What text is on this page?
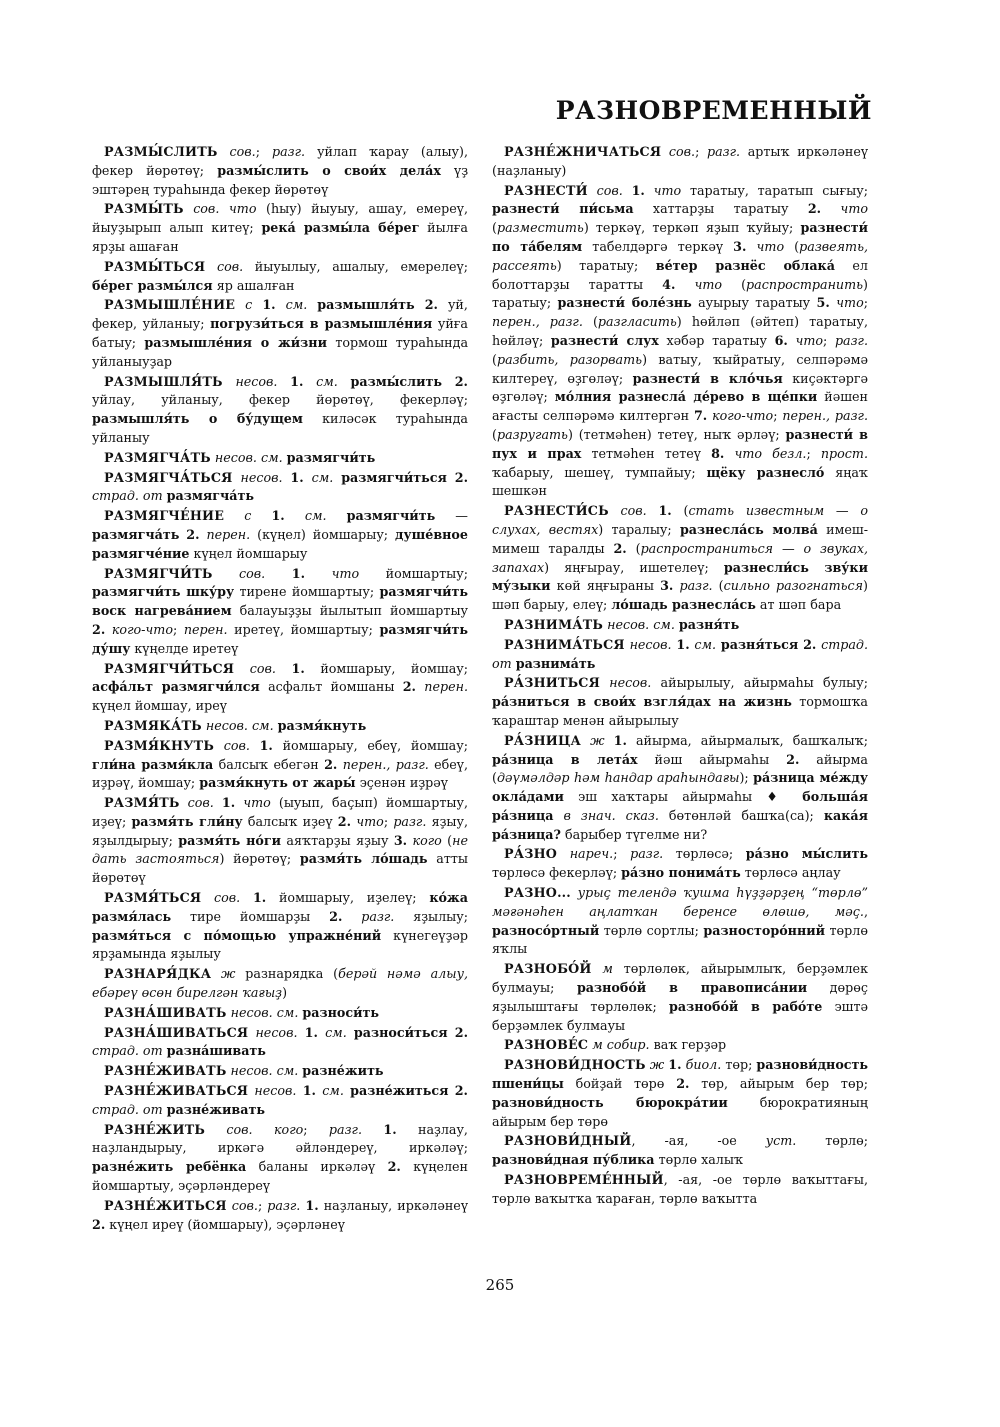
РАЗНОВРЕМЕННЫЙ

РАЗМЫ́СЛИТЬ сов.; разг. уйлап ҡарау (алыу), фекер йөрөтөү; размы́слить о свои́х дела́х үҙ эштәрең тураһында фекер йөрөтөү

РАЗМЫ́ТЬ сов. что (һыу) йыуыу, ашау, емереү, йыуҙырып алып китеү; река́ размы́ла бе́рег йылға ярҙы ашаған

РАЗМЫ́ТЬСЯ сов. йыуылыу, ашалыу, емерелеү; бе́рег размы́лся яр ашалған

РАЗМЫШЛЕ́НИЕ с 1. см. размышля́ть 2. уй, фекер, уйланыу; погрузи́ться в размышле́ния уйға батыу; размышле́ния о жи́зни тормош тураһында уйланыуҙар

РАЗМЫШЛЯ́ТЬ несов. 1. см. размы́слить 2. уйлау, уйланыу, фекер йөрөтөү, фекерләү; размышля́ть о бу́дущем киләсәк тураһында уйланыу

РАЗМЯГЧА́ТЬ несов. см. размягчи́ть

РАЗМЯГЧА́ТЬСЯ несов. 1. см. размягчи́ться 2. страд. от размягча́ть

РАЗМЯГЧЕ́НИЕ с 1. см. размягчи́ть — размягча́ть 2. перен. (күңел) йомшарыу; душе́вное размягче́ние күңел йомшарыу

РАЗМЯГЧИ́ТЬ сов. 1. что йомшартыу; размягчи́ть шку́ру тирене йомшартыу; размягчи́ть воск нагрева́нием балауыҙҙы йылытып йомшартыу 2. кого-что; перен. иретеү, йомшартыу; размягчи́ть ду́шу күңелде иретеү

РАЗМЯГЧИ́ТЬСЯ сов. 1. йомшарыу, йомшау; асфа́льт размягчи́лся асфальт йомшаны 2. перен. күңел йомшау, иреү

РАЗМЯКА́ТЬ несов. см. размя́кнуть

РАЗМЯ́КНУТЬ сов. 1. йомшарыу, ебеү, йомшау; гли́на размя́кла балсыҡ ебегән 2. перен., разг. ебеү, иҙрәү, йомшау; размя́кнуть от жары́ эҫенән иҙрәү

РАЗМЯ́ТЬ сов. 1. что (ыуып, баҫып) йомшартыу, иҙеү; размя́ть гли́ну балсыҡ иҙеү 2. что; разг. яҙыу, яҙылдырыу; размя́ть но́ги аяҡтарҙы яҙыу 3. кого (не дать застояться) йөрөтөү; размя́ть ло́шадь атты йөрөтөү

РАЗМЯ́ТЬСЯ сов. 1. йомшарыу, иҙелеү; ко́жа размя́лась тире йомшарҙы 2. разг. яҙылыу; размя́ться с по́мощью упражне́ний күнегеүҙәр ярҙамында яҙылыу

РАЗНАРЯ́ДКА ж разнарядка (берәй нәмә алыу, ебәреү өсөн бирелгән ҡағыҙ)

РАЗНА́ШИВАТЬ несов. см. разноси́ть

РАЗНА́ШИВАТЬСЯ несов. 1. см. разноси́ться 2. страд. от разна́шивать

РАЗНЕ́ЖИВАТЬ несов. см. разне́жить

РАЗНЕ́ЖИВАТЬСЯ несов. 1. см. разне́житься 2. страд. от разне́живать

РАЗНЕ́ЖИТЬ сов. кого; разг. 1. наҙлау, наҙландырыу, иркәгә әйләндереү, иркәләү; разне́жить ребёнка баланы иркәләү 2. күңелен йомшартыу, эҫәрләндереү

РАЗНЕ́ЖИТЬСЯ сов.; разг. 1. наҙланыу, иркәләнеү 2. күңел иреү (йомшарыу), эҫәрләнеү

РАЗНЕ́ЖНИЧАТЬСЯ сов.; разг. артыҡ иркәләнеү (наҙланыу)

РАЗНЕСТИ́ сов. 1. что таратыу, таратып сығыу; разнести́ пи́сьма хаттарҙы таратыу 2. что (разместить) теркәү, теркәп яҙып ҡуйыу; разнести́ по та́белям табелдәргә теркәү 3. что (развеять, рассеять) таратыу; ве́тер разнёс облака́ ел болоттарҙы таратты 4. что (распространить) таратыу; разнести́ боле́знь ауырыу таратыу 5. что; перен., разг. (разгласить) һөйләп (әйтеп) таратыу, һөйләү; разнести́ слух хәбәр таратыу 6. что; разг. (разбить, разорвать) ватыу, ҡыйратыу, селпәрәмә килтереү, өҙгөләү; разнести́ в кло́чья киҫәктәргә өҙгөләү; мо́лния разнесла́ де́рево в ще́пки йәшен ағасты селпәрәмә килтергән 7. кого-что; перен., разг. (разругать) (тетмәһен) тетеү, ныҡ әрләү; разнести́ в пух и прах тетмәһен тетеү 8. что безл.; прост. ҡабарыу, шешеү, тумпайыу; щёку разнесло́ яңаҡ шешкән

РАЗНЕСТИ́СЬ сов. 1. (стать известным — о слухах, вестях) таралыу; разнесла́сь молва́ имеш-мимеш таралды 2. (распространиться — о звуках, запахах) яңғырау, ишетелеү; разнесли́сь зву́ки му́зыки көй яңғыраны 3. разг. (сильно разогнаться) шәп барыу, елеү; ло́шадь разнесла́сь ат шәп бара

РАЗНИМА́ТЬ несов. см. разня́ть

РАЗНИМА́ТЬСЯ несов. 1. см. разня́ться 2. страд. от разнима́ть

РА́ЗНИТЬСЯ несов. айырылыу, айырмаһы булыу; ра́зниться в свои́х взгля́дах на жизнь тормошҡа ҡараштар менән айырылыу

РА́ЗНИЦА ж 1. айырма, айырмалыҡ, башҡалыҡ; ра́зница в лета́х йәш айырмаһы 2. айырма (дәүмәлдәр һәм һандар араһындағы); ра́зница ме́жду окла́дами эш хаҡтары айырмаһы ♦ больша́я ра́зница в знач. сказ. бөтөнләй башҡа(са); кака́я ра́зница? барыбер түгелме ни?

РА́ЗНО нареч.; разг. төрлөсә; ра́зно мы́слить төрлөсә фекерләү; ра́зно понима́ть төрлөсә аңлау

РАЗНО... урыҫ телендә ҡушма һүҙҙәрҙең “төрлө” мәғәнәһен аңлатҡан беренсе өлөшө, мәҫ., разносо́ртный төрлө сортлы; разносторо́нний төрлө яҡлы

РАЗНОБО́Й м төрлөлөк, айырымлыҡ, берҙәмлек булмауы; разнобо́й в правописа́нии дөрөҫ яҙылыштағы төрлөлөк; разнобо́й в рабо́те эштә берҙәмлек булмауы

РАЗНОВЕ́С м собир. ваҡ герҙәр

РАЗНОВИ́ДНОСТЬ ж 1. биол. төр; разнови́дность пшени́цы бойҙай төрө 2. төр, айырым бер төр; разнови́дность бюрокра́тии бюрократияның айырым бер төрө

РАЗНОВИ́ДНЫЙ, -ая, -ое уст. төрлө; разнови́дная пу́блика төрлө халыҡ

РАЗНОВРЕМЕ́ННЫЙ, -ая, -ое төрлө ваҡыттағы, төрлө ваҡытҡа ҡараған, төрлө ваҡытта

265
